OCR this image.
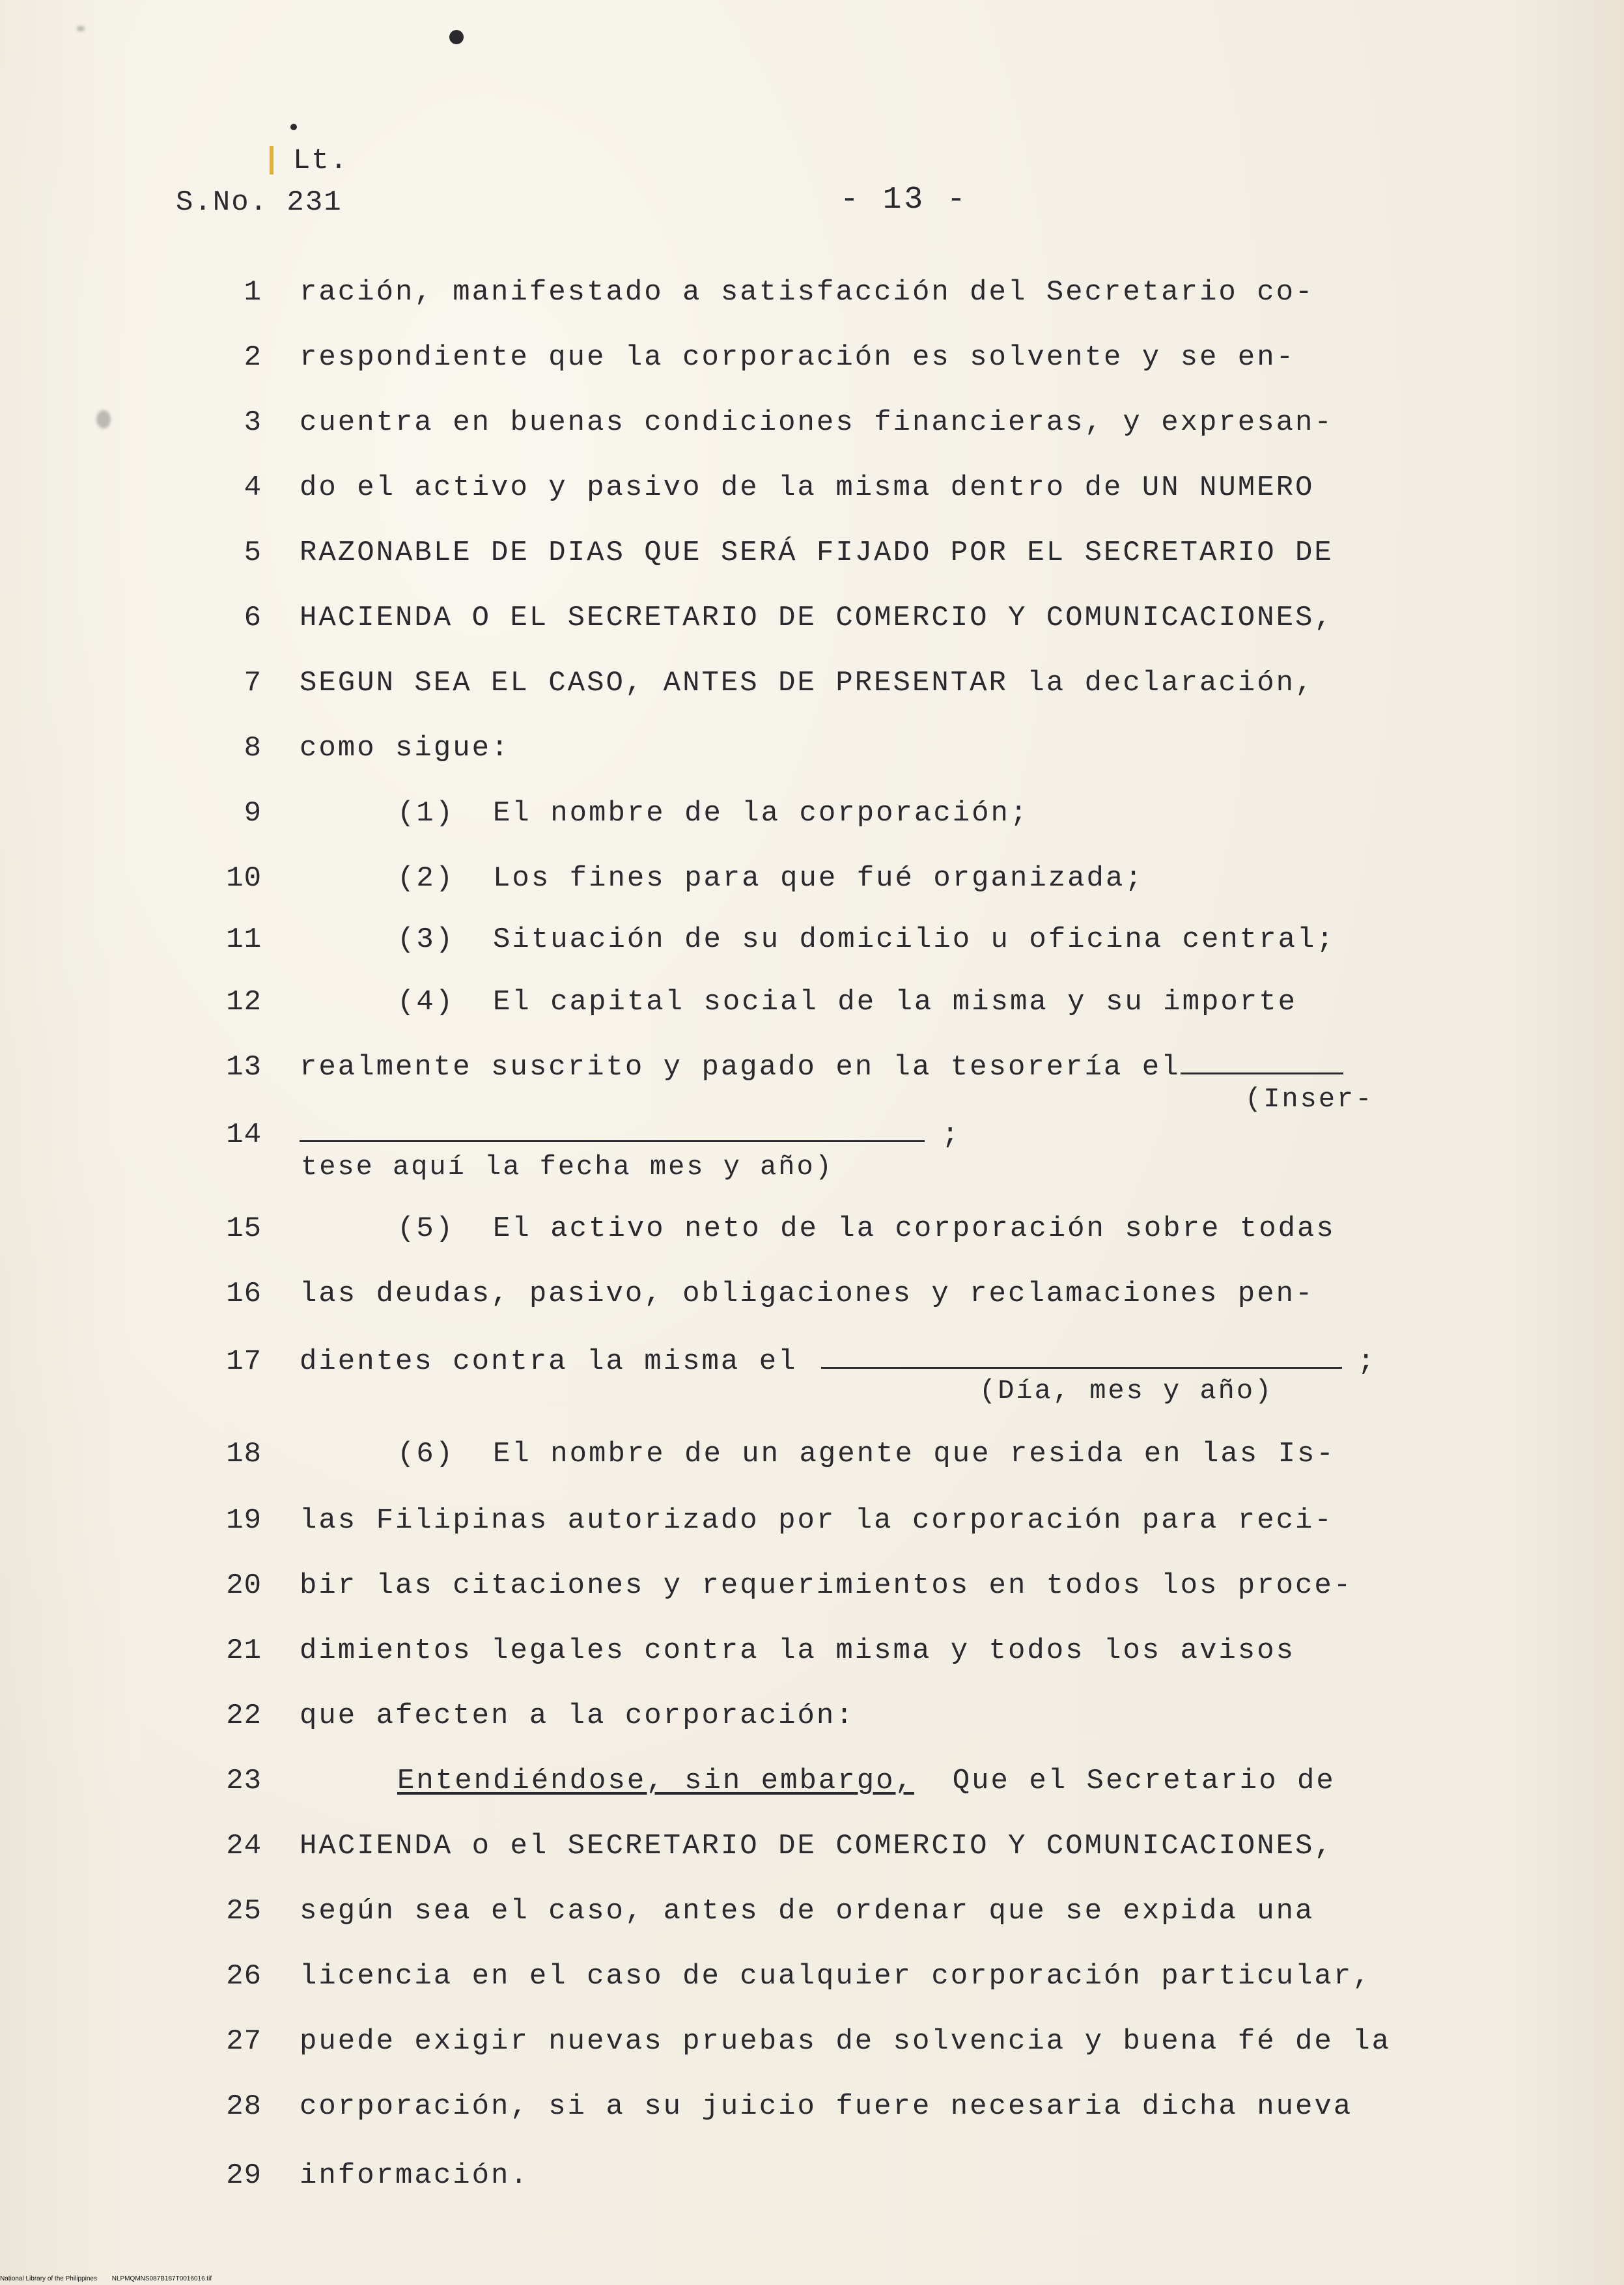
Lt.
S.No. 231	- 13 -
1 ración, manifestado a satisfacción del Secretario co-
2 respondiente que la corporación es solvente y se en-
3 cuentra en buenas condiciones financieras, y expresan-
4 do el activo y pasivo de la misma dentro de UN NUMERO
5 RAZONABLE DE DIAS QUE SERÁ FIJADO POR EL SECRETARIO DE
6 HACIENDA O EL SECRETARIO DE COMERCIO Y COMUNICACIONES,
7 SEGUN SEA EL CASO, ANTES DE PRESENTAR la declaración,
8 como sigue:
9	(1)  El nombre de la corporación;
10	(2)  Los fines para que fué organizada;
11	(3)  Situación de su domicilio u oficina central;
12	(4)  El capital social de la misma y su importe
13 realmente suscrito y pagado en la tesorería el
(Inser-
14	;
tese aquí la fecha mes y año)
15	(5)  El activo neto de la corporación sobre todas
16 las deudas, pasivo, obligaciones y reclamaciones pen-
17 dientes contra la misma el	;
(Día, mes y año)
18	(6)  El nombre de un agente que resida en las Is-
19 las Filipinas autorizado por la corporación para reci-
20 bir las citaciones y requerimientos en todos los proce-
21 dimientos legales contra la misma y todos los avisos
22 que afecten a la corporación:
23	Entendiéndose, sin embargo,  Que el Secretario de
24 HACIENDA o el SECRETARIO DE COMERCIO Y COMUNICACIONES,
25 según sea el caso, antes de ordenar que se expida una
26 licencia en el caso de cualquier corporación particular,
27 puede exigir nuevas pruebas de solvencia y buena fé de la
28 corporación, si a su juicio fuere necesaria dicha nueva
29 información.
National Library of the Philippines NLPMQMNS087B187T0016016.tif
